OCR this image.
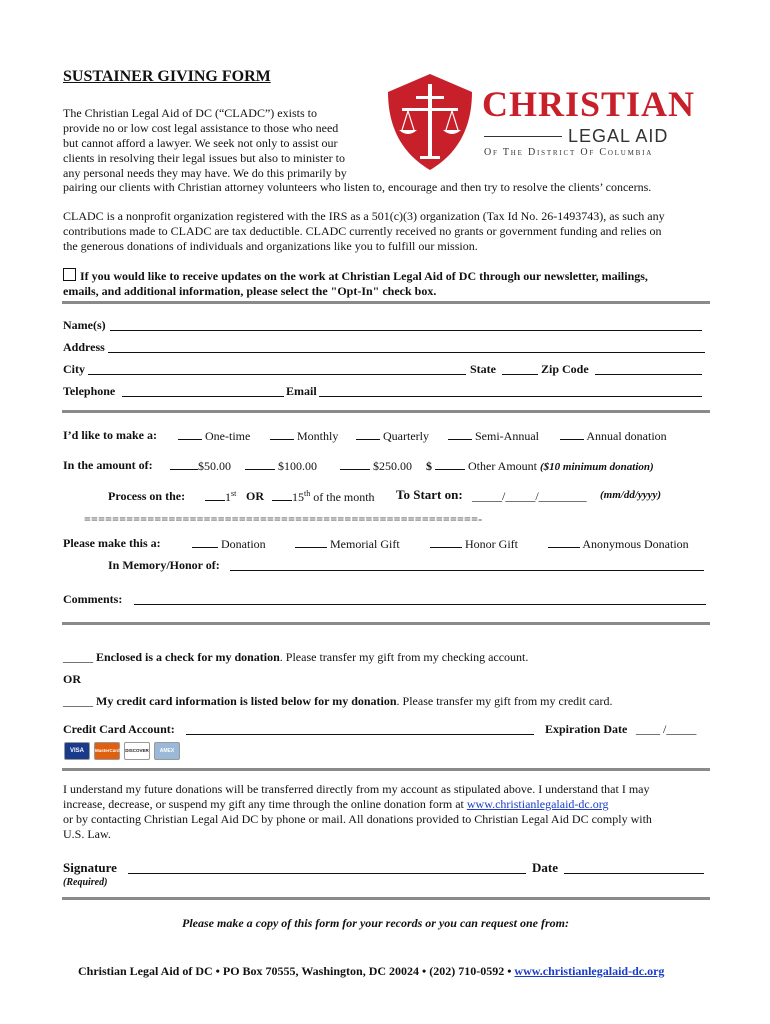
SUSTAINER GIVING FORM
The Christian Legal Aid of DC (“CLADC”) exists to
provide no or low cost legal assistance to those who need
but cannot afford a lawyer. We seek not only to assist our
clients in resolving their legal issues but also to minister to
any personal needs they may have. We do this primarily by
pairing our clients with Christian attorney volunteers who listen to, encourage and then try to resolve the clients’ concerns.
CHRISTIAN
LEGAL AID
Of The District Of Columbia
CLADC is a nonprofit organization registered with the IRS as a 501(c)(3) organization (Tax Id No. 26-1493743), as such any
contributions made to CLADC are tax deductible. CLADC currently received no grants or government funding and relies on
the generous donations of individuals and organizations like you to fulfill our mission.
If you would like to receive updates on the work at Christian Legal Aid of DC through our newsletter, mailings,
emails, and additional information, please select the "Opt-In" check box.
Name(s)
Address
City	State	Zip Code
Telephone	Email
I’d like to make a:	One-time	Monthly	Quarterly	Semi-Annual	Annual donation
In the amount of:	$50.00	$100.00	$250.00 $	Other Amount ($10 minimum donation)
Process on the:	1st OR	15th of the month To Start on: _____/_____/________ (mm/dd/yyyy)
========================================================-
Please make this a:	Donation	Memorial Gift	Honor Gift	Anonymous Donation
In Memory/Honor of:
Comments:
_____ Enclosed is a check for my donation. Please transfer my gift from my checking account.
OR
_____ My credit card information is listed below for my donation. Please transfer my gift from my credit card.
Credit Card Account:	Expiration Date ____ /_____
VISA	MasterCard DISCOVER	AMEX
I understand my future donations will be transferred directly from my account as stipulated above. I understand that I may
increase, decrease, or suspend my gift any time through the online donation form at www.christianlegalaid-dc.org
or by contacting Christian Legal Aid DC by phone or mail. All donations provided to Christian Legal Aid DC comply with
U.S. Law.
Signature	Date
(Required)
Please make a copy of this form for your records or you can request one from:
Christian Legal Aid of DC • PO Box 70555, Washington, DC 20024 • (202) 710-0592 • www.christianlegalaid-dc.org
